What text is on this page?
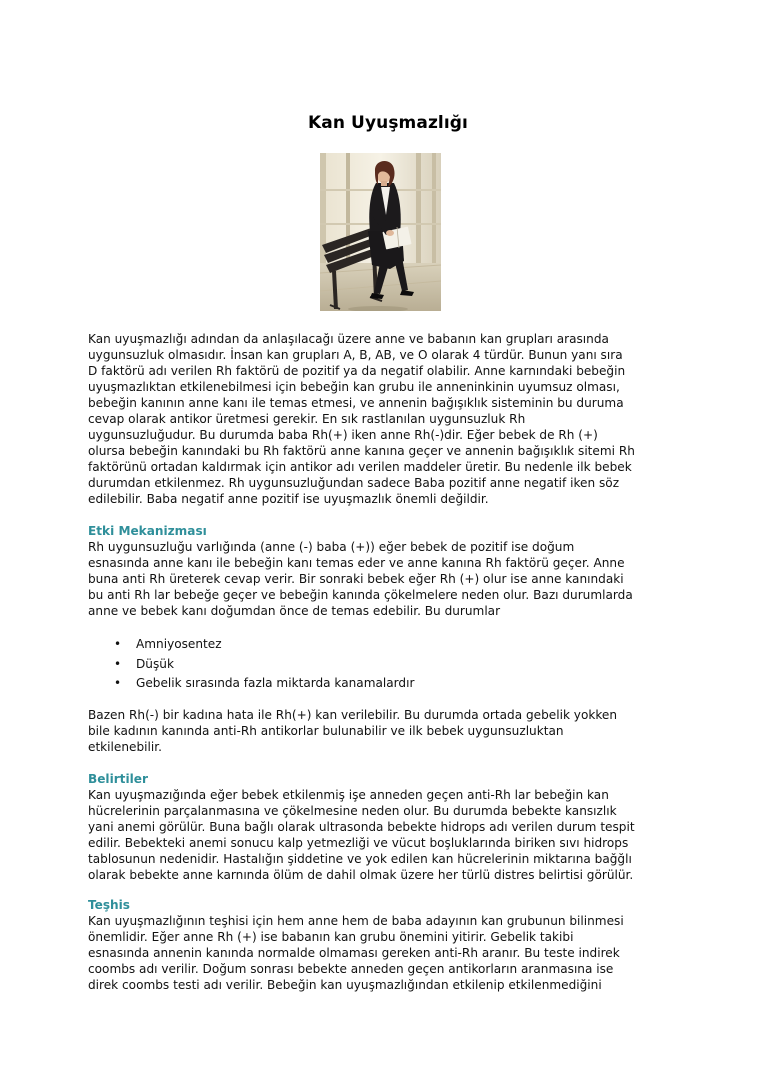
Kan Uyuşmazlığı

Kan uyuşmazlığı adından da anlaşılacağı üzere anne ve babanın kan grupları arasında
uygunsuzluk olmasıdır. İnsan kan grupları A, B, AB, ve O olarak 4 türdür. Bunun yanı sıra
D faktörü adı verilen Rh faktörü de pozitif ya da negatif olabilir. Anne karnındaki bebeğin
uyuşmazlıktan etkilenebilmesi için bebeğin kan grubu ile anneninkinin uyumsuz olması,
bebeğin kanının anne kanı ile temas etmesi, ve annenin bağışıklık sisteminin bu duruma
cevap olarak antikor üretmesi gerekir. En sık rastlanılan uygunsuzluk Rh
uygunsuzluğudur. Bu durumda baba Rh(+) iken anne Rh(-)dir. Eğer bebek de Rh (+)
olursa bebeğin kanındaki bu Rh faktörü anne kanına geçer ve annenin bağışıklık sitemi Rh
faktörünü ortadan kaldırmak için antikor adı verilen maddeler üretir. Bu nedenle ilk bebek
durumdan etkilenmez. Rh uygunsuzluğundan sadece Baba pozitif anne negatif iken söz
edilebilir. Baba negatif anne pozitif ise uyuşmazlık önemli değildir.

Etki Mekanizması

Rh uygunsuzluğu varlığında (anne (-) baba (+)) eğer bebek de pozitif ise doğum
esnasında anne kanı ile bebeğin kanı temas eder ve anne kanına Rh faktörü geçer. Anne
buna anti Rh üreterek cevap verir. Bir sonraki bebek eğer Rh (+) olur ise anne kanındaki
bu anti Rh lar bebeğe geçer ve bebeğin kanında çökelmelere neden olur. Bazı durumlarda
anne ve bebek kanı doğumdan önce de temas edebilir. Bu durumlar

• Amniyosentez
• Düşük
• Gebelik sırasında fazla miktarda kanamalardır

Bazen Rh(-) bir kadına hata ile Rh(+) kan verilebilir. Bu durumda ortada gebelik yokken
bile kadının kanında anti-Rh antikorlar bulunabilir ve ilk bebek uygunsuzluktan
etkilenebilir.

Belirtiler

Kan uyuşmazığında eğer bebek etkilenmiş işe anneden geçen anti-Rh lar bebeğin kan
hücrelerinin parçalanmasına ve çökelmesine neden olur. Bu durumda bebekte kansızlık
yani anemi görülür. Buna bağlı olarak ultrasonda bebekte hidrops adı verilen durum tespit
edilir. Bebekteki anemi sonucu kalp yetmezliği ve vücut boşluklarında biriken sıvı hidrops
tablosunun nedenidir. Hastalığın şiddetine ve yok edilen kan hücrelerinin miktarına bağğlı
olarak bebekte anne karnında ölüm de dahil olmak üzere her türlü distres belirtisi görülür.

Teşhis

Kan uyuşmazlığının teşhisi için hem anne hem de baba adayının kan grubunun bilinmesi
önemlidir. Eğer anne Rh (+) ise babanın kan grubu önemini yitirir. Gebelik takibi
esnasında annenin kanında normalde olmaması gereken anti-Rh aranır. Bu teste indirek
coombs adı verilir. Doğum sonrası bebekte anneden geçen antikorların aranmasına ise
direk coombs testi adı verilir. Bebeğin kan uyuşmazlığından etkilenip etkilenmediğini
